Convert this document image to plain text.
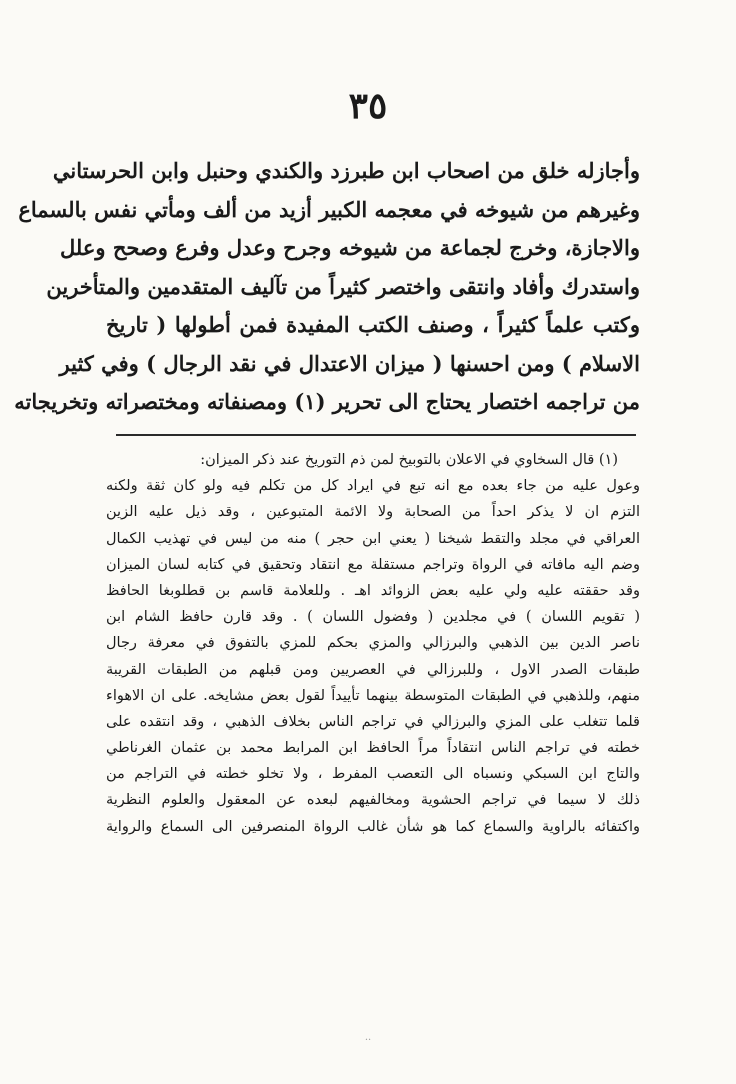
٣٥
وأجازله خلق من اصحاب ابن طبرزد والكندي وحنبل وابن الحرستاني
وغيرهم من شيوخه في معجمه الكبير أزيد من ألف ومأتي نفس بالسماع
والاجازة، وخرج لجماعة من شيوخه وجرح وعدل وفرع وصحح وعلل
واستدرك وأفاد وانتقى واختصر كثيراً من تآليف المتقدمين والمتأخرين
وكتب علماً كثيراً ، وصنف الكتب المفيدة فمن أطولها ( تاريخ
الاسلام ) ومن احسنها ( ميزان الاعتدال في نقد الرجال ) وفي كثير
من تراجمه اختصار يحتاج الى تحرير (١) ومصنفاته ومختصراته وتخريجاته
(١) قال السخاوي في الاعلان بالتوبيخ لمن ذم التوريخ عند ذكر الميزان:
وعول عليه من جاء بعده مع انه تبع في ايراد كل من تكلم فيه ولو كان ثقة ولكنه
التزم ان لا يذكر احداً من الصحابة ولا الائمة المتبوعين ، وقد ذيل عليه الزين
العراقي في مجلد والتقط شيخنا ( يعني ابن حجر ) منه من ليس في تهذيب الكمال
وضم اليه مافاته في الرواة وتراجم مستقلة مع انتقاد وتحقيق في كتابه لسان الميزان
وقد حققته عليه ولي عليه بعض الزوائد اهـ . وللعلامة قاسم بن قطلوبغا الحافظ
( تقويم اللسان ) في مجلدين ( وفضول اللسان ) . وقد قارن حافظ الشام ابن
ناصر الدين بين الذهبي والبرزالي والمزي بحكم للمزي بالتفوق في معرفة رجال
طبقات الصدر الاول ، وللبرزالي في العصريين ومن قبلهم من الطبقات القريبة
منهم، وللذهبي في الطبقات المتوسطة بينهما تأييداً لقول بعض مشايخه. على ان الاهواء
قلما تتغلب على المزي والبرزالي في تراجم الناس بخلاف الذهبي ، وقد انتقده على
خطته في تراجم الناس انتقاداً مراً الحافظ ابن المرابط محمد بن عثمان الغرناطي
والتاج ابن السبكي ونسباه الى التعصب المفرط ، ولا تخلو خطته في التراجم من
ذلك لا سيما في تراجم الحشوية ومخالفيهم لبعده عن المعقول والعلوم النظرية
واكتفائه بالراوية والسماع كما هو شأن غالب الرواة المنصرفين الى السماع والرواية
..
